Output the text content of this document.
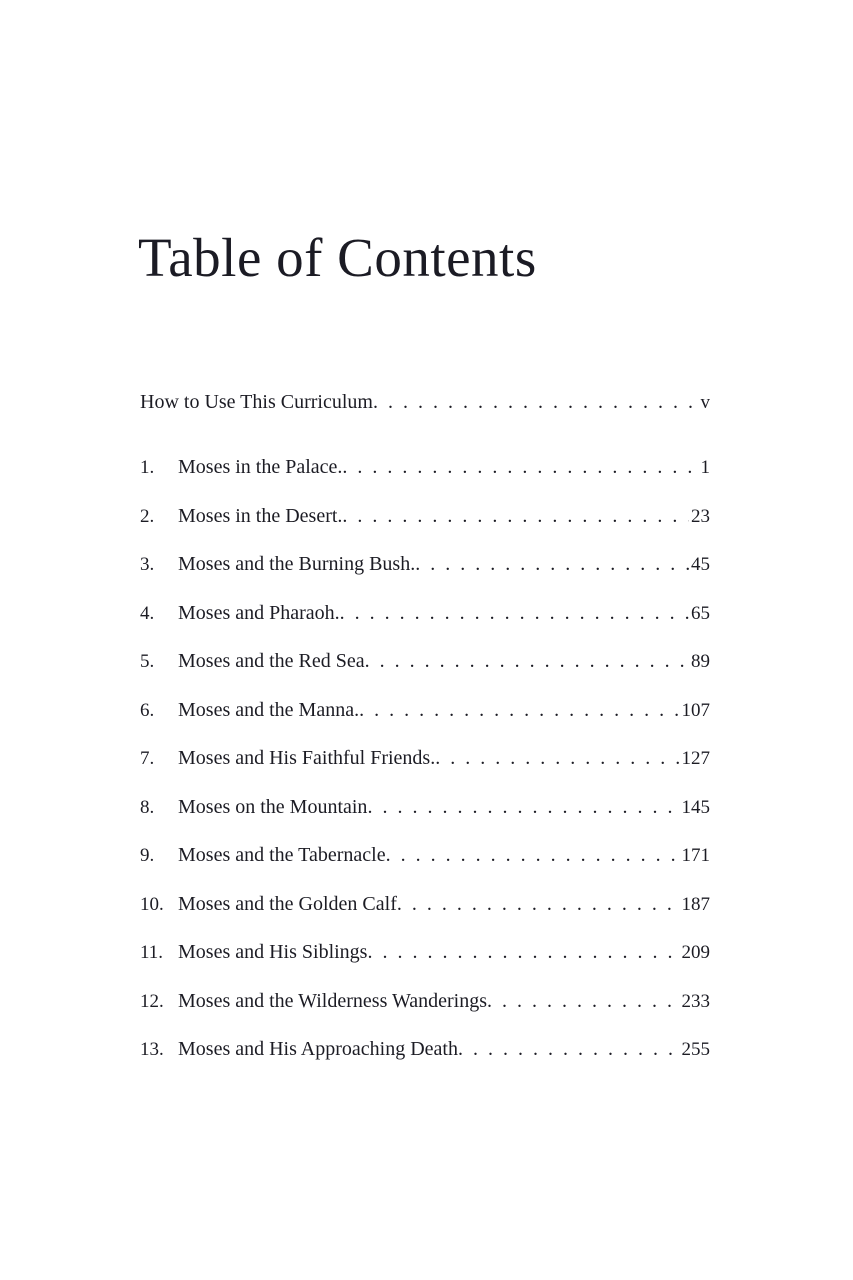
Table of Contents
How to Use This Curriculum .  .	v
1.	Moses in the Palace. .  .	1
2.	Moses in the Desert. .  .	23
3.	Moses and the Burning Bush. .  .	45
4.	Moses and Pharaoh. .  .	65
5.	Moses and the Red Sea .  .	89
6.	Moses and the Manna. .  .	107
7.	Moses and His Faithful Friends. .  .	127
8.	Moses on the Mountain .  .	145
9.	Moses and the Tabernacle .  .	171
10. Moses and the Golden Calf .  .	187
11. Moses and His Siblings .  .	209
12. Moses and the Wilderness Wanderings .  .	233
13. Moses and His Approaching Death .  .	255
